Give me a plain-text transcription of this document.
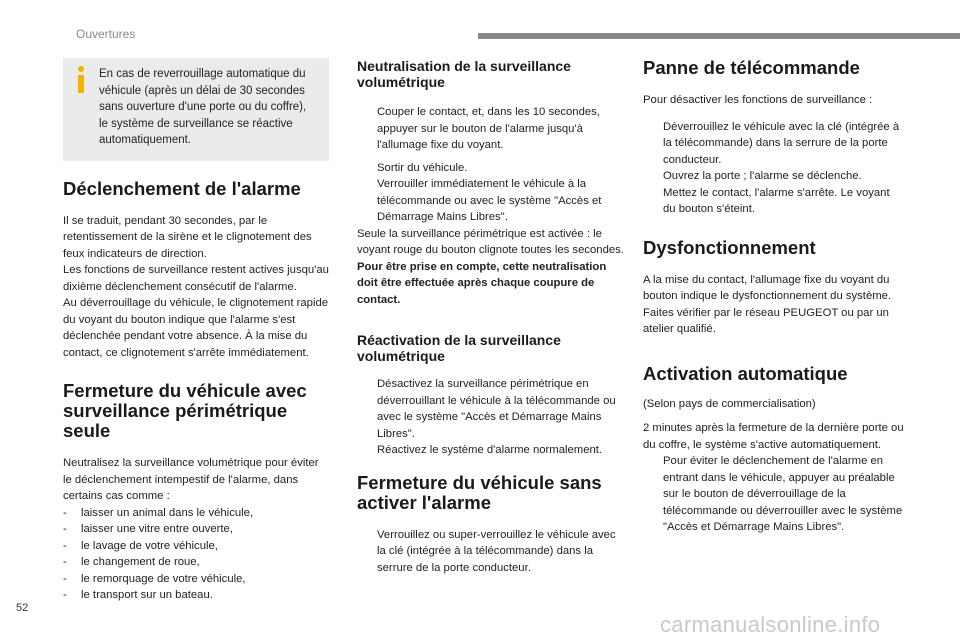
Ouvertures
En cas de reverrouillage automatique du véhicule (après un délai de 30 secondes sans ouverture d'une porte ou du coffre), le système de surveillance se réactive automatiquement.
Déclenchement de l'alarme

Il se traduit, pendant 30 secondes, par le retentissement de la sirène et le clignotement des feux indicateurs de direction.

Les fonctions de surveillance restent actives jusqu'au dixième déclenchement consécutif de l'alarme.

Au déverrouillage du véhicule, le clignotement rapide du voyant du bouton indique que l'alarme s'est déclenchée pendant votre absence. À la mise du contact, ce clignotement s'arrête immédiatement.

Fermeture du véhicule avec surveillance périmétrique seule

Neutralisez la surveillance volumétrique pour éviter le déclenchement intempestif de l'alarme, dans certains cas comme :

- laisser un animal dans le véhicule,
- laisser une vitre entre ouverte,
- le lavage de votre véhicule,
- le changement de roue,
- le remorquage de votre véhicule,
- le transport sur un bateau.
Neutralisation de la surveillance volumétrique
Couper le contact, et, dans les 10 secondes, appuyer sur le bouton de l'alarme jusqu'à l'allumage fixe du voyant.
Sortir du véhicule.
Verrouiller immédiatement le véhicule à la télécommande ou avec le système "Accès et Démarrage Mains Libres".

Seule la surveillance périmétrique est activée : le voyant rouge du bouton clignote toutes les secondes.

Pour être prise en compte, cette neutralisation doit être effectuée après chaque coupure de contact.

Réactivation de la surveillance volumétrique
Désactivez la surveillance périmétrique en déverrouillant le véhicule à la télécommande ou avec le système "Accès et Démarrage Mains Libres".
Réactivez le système d'alarme normalement.
Fermeture du véhicule sans activer l'alarme
Verrouillez ou super-verrouillez le véhicule avec la clé (intégrée à la télécommande) dans la serrure de la porte conducteur.
Panne de télécommande

Pour désactiver les fonctions de surveillance :

Déverrouillez le véhicule avec la clé (intégrée à la télécommande) dans la serrure de la porte conducteur.
Ouvrez la porte ; l'alarme se déclenche.
Mettez le contact, l'alarme s'arrête. Le voyant du bouton s'éteint.
Dysfonctionnement

A la mise du contact, l'allumage fixe du voyant du bouton indique le dysfonctionnement du système.

Faites vérifier par le réseau PEUGEOT ou par un atelier qualifié.

Activation automatique

(Selon pays de commercialisation)

2 minutes après la fermeture de la dernière porte ou du coffre, le système s'active automatiquement.

Pour éviter le déclenchement de l'alarme en entrant dans le véhicule, appuyer au préalable sur le bouton de déverrouillage de la télécommande ou déverrouiller avec le système "Accès et Démarrage Mains Libres".
52
carmanualsonline.info
